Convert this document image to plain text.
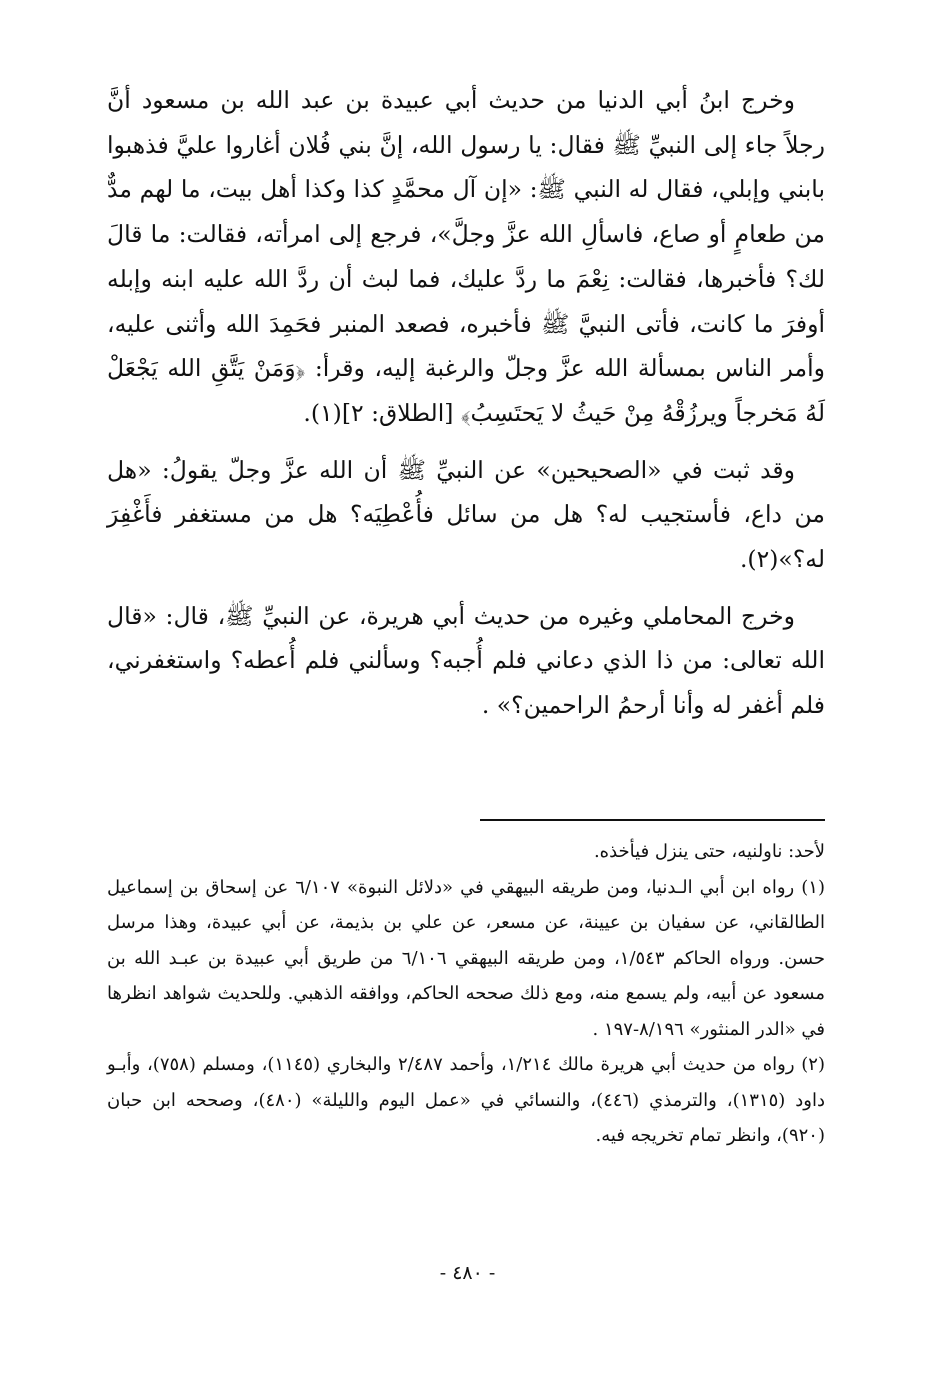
وخرج ابنُ أبي الدنيا من حديث أبي عبيدة بن عبد الله بن مسعود أنَّ رجلاً جاء إلى النبيِّ ﷺ فقال: يا رسول الله، إنَّ بني فُلان أغاروا عليَّ فذهبوا بابني وإبلي، فقال له النبي ﷺ: «إن آل محمَّدٍ كذا وكذا أهل بيت، ما لهم مدٌّ من طعامٍ أو صاع، فاسألِ الله عزَّ وجلَّ»، فرجع إلى امرأته، فقالت: ما قالَ لك؟ فأخبرها، فقالت: نِعْمَ ما ردَّ عليك، فما لبث أن ردَّ الله عليه ابنه وإبله أوفرَ ما كانت، فأتى النبيَّ ﷺ فأخبره، فصعد المنبر فحَمِدَ الله وأثنى عليه، وأمر الناس بمسألة الله عزَّ وجلّ والرغبة إليه، وقرأ: ﴿وَمَنْ يَتَّقِ الله يَجْعَلْ لَهُ مَخرجاً ويرزُقْهُ مِنْ حَيثُ لا يَحتَسِبُ﴾ [الطلاق: ٢](١).

وقد ثبت في «الصحيحين» عن النبيِّ ﷺ أن الله عزَّ وجلّ يقولُ: «هل من داع، فأستجيب له؟ هل من سائل فأُعْطِيَه؟ هل من مستغفر فأَغْفِرَ له؟»(٢).

وخرج المحاملي وغيره من حديث أبي هريرة، عن النبيِّ ﷺ، قال: «قال الله تعالى: من ذا الذي دعاني فلم أُجبه؟ وسألني فلم أُعطه؟ واستغفرني، فلم أغفر له وأنا أرحمُ الراحمين؟» .

لأحد: ناولنيه، حتى ينزل فيأخذه.

(١) رواه ابن أبي الـدنيا، ومن طريقه البيهقي في «دلائل النبوة» ٦/١٠٧ عن إسحاق بن إسماعيل الطالقاني، عن سفيان بن عيينة، عن مسعر، عن علي بن بذيمة، عن أبي عبيدة، وهذا مرسل حسن. ورواه الحاكم ١/٥٤٣، ومن طريقه البيهقي ٦/١٠٦ من طريق أبي عبيدة بن عبـد الله بن مسعود عن أبيه، ولم يسمع منه، ومع ذلك صححه الحاكم، ووافقه الذهبي. وللحديث شواهد انظرها في «الدر المنثور» ٨/١٩٦-١٩٧ .

(٢) رواه من حديث أبي هريرة مالك ١/٢١٤، وأحمد ٢/٤٨٧ والبخاري (١١٤٥)، ومسلم (٧٥٨)، وأبـو داود (١٣١٥)، والترمذي (٤٤٦)، والنسائي في «عمل اليوم والليلة» (٤٨٠)، وصححه ابن حبان (٩٢٠)، وانظر تمام تخريجه فيه.

- ٤٨٠ -
